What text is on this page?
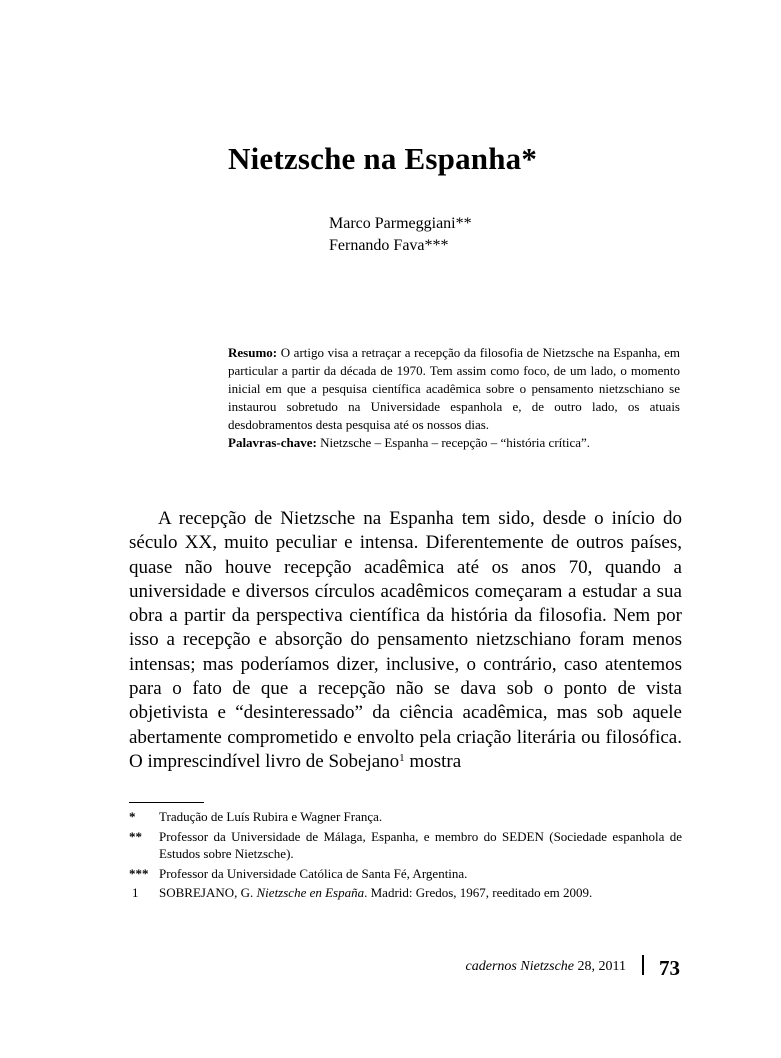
Nietzsche na Espanha*
Marco Parmeggiani**
Fernando Fava***

Resumo: O artigo visa a retraçar a recepção da filosofia de Nietzsche na Espanha, em particular a partir da década de 1970. Tem assim como foco, de um lado, o momento inicial em que a pesquisa científica acadêmica sobre o pensamento nietzschiano se instaurou sobretudo na Universidade espanhola e, de outro lado, os atuais desdobramentos desta pesquisa até os nossos dias.

Palavras-chave: Nietzsche – Espanha – recepção – “história crítica”.

A recepção de Nietzsche na Espanha tem sido, desde o início do século XX, muito peculiar e intensa. Diferentemente de outros países, quase não houve recepção acadêmica até os anos 70, quando a universidade e diversos círculos acadêmicos começaram a estudar a sua obra a partir da perspectiva científica da história da filosofia. Nem por isso a recepção e absorção do pensamento nietzschiano foram menos intensas; mas poderíamos dizer, inclusive, o contrário, caso atentemos para o fato de que a recepção não se dava sob o ponto de vista objetivista e “desinteressado” da ciência acadêmica, mas sob aquele abertamente comprometido e envolto pela criação literária ou filosófica. O imprescindível livro de Sobejano$^1$ mostra

*	Tradução de Luís Rubira e Wagner França.
**	Professor da Universidade de Málaga, Espanha, e membro do SEDEN (Sociedade espanhola de Estudos sobre Nietzsche).
*** Professor da Universidade Católica de Santa Fé, Argentina.
1	SOBREJANO, G. Nietzsche en España. Madrid: Gredos, 1967, reeditado em 2009.
cadernos Nietzsche 28, 2011 73
